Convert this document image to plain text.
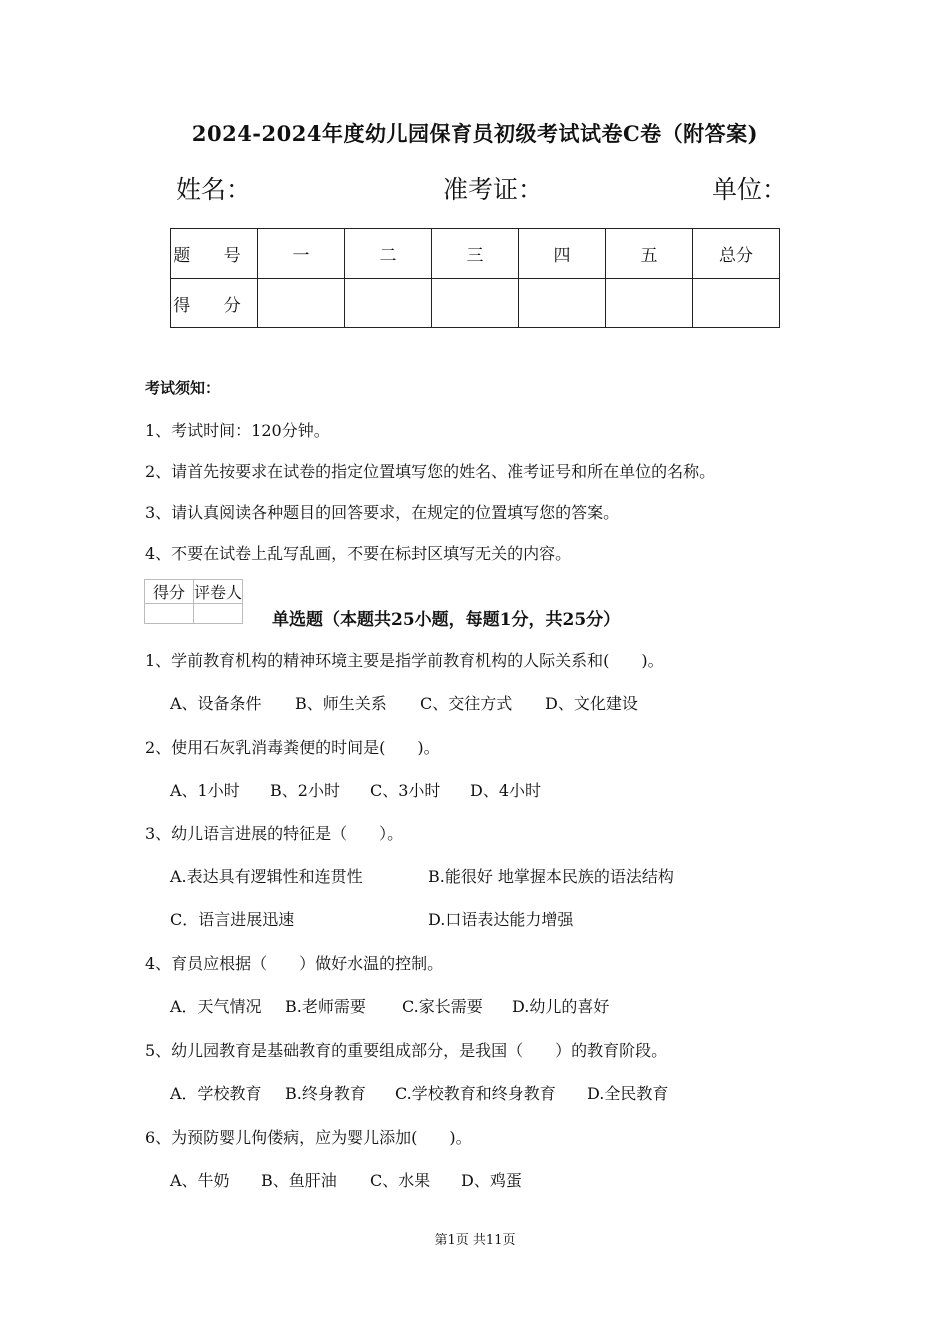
2024-2024年度幼儿园保育员初级考试试卷C卷（附答案)
姓名：	准考证：	单位：
题 号	一	二	三	四	五	总分
得 分						
考试须知：
1、考试时间：120分钟。
2、请首先按要求在试卷的指定位置填写您的姓名、准考证号和所在单位的名称。
3、请认真阅读各种题目的回答要求，在规定的位置填写您的答案。
4、不要在试卷上乱写乱画，不要在标封区填写无关的内容。
得分	评卷人

单选题（本题共25小题，每题1分，共25分）
1、学前教育机构的精神环境主要是指学前教育机构的人际关系和(　　)。
A、设备条件 B、师生关系 C、交往方式 D、文化建设
2、使用石灰乳消毒粪便的时间是(　　)。
A、1小时 B、2小时 C、3小时 D、4小时
3、幼儿语言进展的特征是（　　）。
A.表达具有逻辑性和连贯性	B.能很好 地掌握本民族的语法结构
C．语言进展迅速	D.口语表达能力增强
4、育员应根据（　　）做好水温的控制。
A．天气情况 B.老师需要 C.家长需要 D.幼儿的喜好
5、幼儿园教育是基础教育的重要组成部分，是我国（　　）的教育阶段。
A．学校教育 B.终身教育 C.学校教育和终身教育 D.全民教育
6、为预防婴儿佝偻病，应为婴儿添加(　　)。
A、牛奶 B、鱼肝油 C、水果 D、鸡蛋
第1页 共11页
